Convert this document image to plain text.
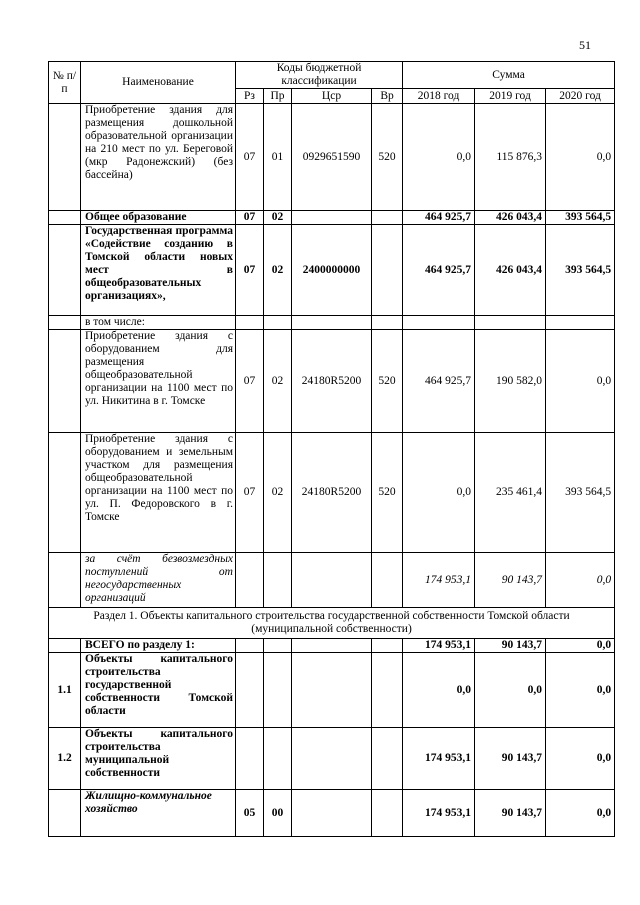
51
№ п/п	Наименование	Коды бюджетной классификации				Сумма		
		Рз	Пр	Цср	Вр	2018 год	2019 год	2020 год
	Приобретение здания для размещения дошкольной образовательной организации на 210 мест по ул. Береговой (мкр Радонежский) (без бассейна)	07	01	0929651590	520	0,0	115 876,3	0,0
	Общее образование	07	02			464 925,7	426 043,4	393 564,5
	Государственная программа «Содействие созданию в Томской области новых мест в общеобразовательных организациях»,	07	02	2400000000		464 925,7	426 043,4	393 564,5
	в том числе:							
	Приобретение здания с оборудованием для размещения общеобразовательной организации на 1100 мест по ул. Никитина в г. Томске	07	02	24180R5200	520	464 925,7	190 582,0	0,0
	Приобретение здания с оборудованием и земельным участком для размещения общеобразовательной организации на 1100 мест по ул. П. Федоровского в г. Томске	07	02	24180R5200	520	0,0	235 461,4	393 564,5
	за счёт безвозмездных поступлений от негосударственных организаций					174 953,1	90 143,7	0,0
Раздел 1. Объекты капитального строительства государственной собственности Томской области (муниципальной собственности)								
	ВСЕГО по разделу 1:					174 953,1	90 143,7	0,0
1.1	Объекты капитального строительства государственной собственности Томской области					0,0	0,0	0,0
1.2	Объекты капитального строительства муниципальной собственности					174 953,1	90 143,7	0,0
	Жилищно-коммунальное хозяйство	05	00			174 953,1	90 143,7	0,0
